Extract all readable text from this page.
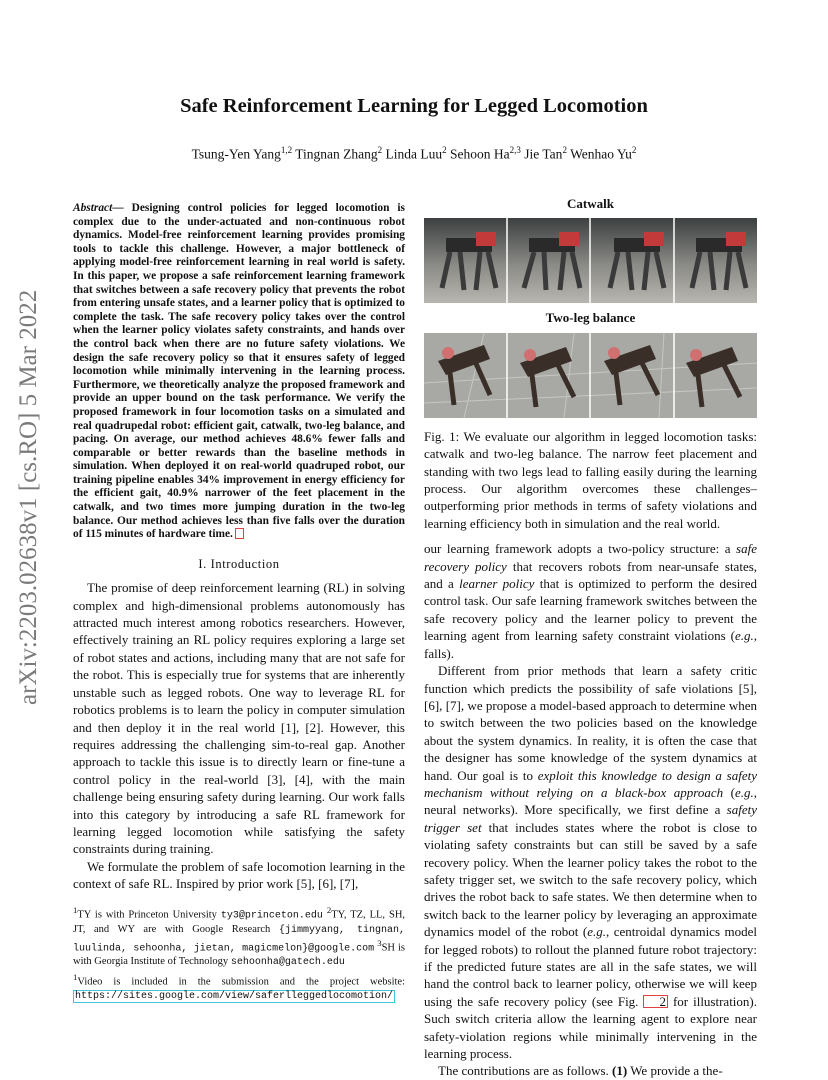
Safe Reinforcement Learning for Legged Locomotion
Tsung-Yen Yang$^{1,2}$ Tingnan Zhang$^2$ Linda Luu$^2$ Sehoon Ha$^{2,3}$ Jie Tan$^2$ Wenhao Yu$^2$
arXiv:2203.02638v1 [cs.RO] 5 Mar 2022
Abstract— Designing control policies for legged locomotion is complex due to the under-actuated and non-continuous robot dynamics. Model-free reinforcement learning provides promising tools to tackle this challenge. However, a major bottleneck of applying model-free reinforcement learning in real world is safety. In this paper, we propose a safe reinforcement learning framework that switches between a safe recovery policy that prevents the robot from entering unsafe states, and a learner policy that is optimized to complete the task. The safe recovery policy takes over the control when the learner policy violates safety constraints, and hands over the control back when there are no future safety violations. We design the safe recovery policy so that it ensures safety of legged locomotion while minimally intervening in the learning process. Furthermore, we theoretically analyze the proposed framework and provide an upper bound on the task performance. We verify the proposed framework in four locomotion tasks on a simulated and real quadrupedal robot: efficient gait, catwalk, two-leg balance, and pacing. On average, our method achieves 48.6% fewer falls and comparable or better rewards than the baseline methods in simulation. When deployed it on real-world quadruped robot, our training pipeline enables 34% improvement in energy efficiency for the efficient gait, 40.9% narrower of the feet placement in the catwalk, and two times more jumping duration in the two-leg balance. Our method achieves less than five falls over the duration of 115 minutes of hardware time.
I. Introduction

The promise of deep reinforcement learning (RL) in solving complex and high-dimensional problems autonomously has attracted much interest among robotics researchers. However, effectively training an RL policy requires exploring a large set of robot states and actions, including many that are not safe for the robot. This is especially true for systems that are inherently unstable such as legged robots. One way to leverage RL for robotics problems is to learn the policy in computer simulation and then deploy it in the real world [1], [2]. However, this requires addressing the challenging sim-to-real gap. Another approach to tackle this issue is to directly learn or fine-tune a control policy in the real-world [3], [4], with the main challenge being ensuring safety during learning. Our work falls into this category by introducing a safe RL framework for learning legged locomotion while satisfying the safety constraints during training.

We formulate the problem of safe locomotion learning in the context of safe RL. Inspired by prior work [5], [6], [7],

$^1$TY is with Princeton University ty3@princeton.edu $^2$TY, TZ, LL, SH, JT, and WY are with Google Research {jimmyyang, tingnan, luulinda, sehoonha, jietan, magicmelon}@google.com $^3$SH is with Georgia Institute of Technology sehoonha@gatech.edu
$^1$Video is included in the submission and the project website: https://sites.google.com/view/saferlleggedlocomotion/
Catwalk
Two-leg balance
Fig. 1: We evaluate our algorithm in legged locomotion tasks: catwalk and two-leg balance. The narrow feet placement and standing with two legs lead to falling easily during the learning process. Our algorithm overcomes these challenges– outperforming prior methods in terms of safety violations and learning efficiency both in simulation and the real world.

our learning framework adopts a two-policy structure: a safe recovery policy that recovers robots from near-unsafe states, and a learner policy that is optimized to perform the desired control task. Our safe learning framework switches between the safe recovery policy and the learner policy to prevent the learning agent from learning safety constraint violations (e.g., falls).

Different from prior methods that learn a safety critic function which predicts the possibility of safe violations [5], [6], [7], we propose a model-based approach to determine when to switch between the two policies based on the knowledge about the system dynamics. In reality, it is often the case that the designer has some knowledge of the system dynamics at hand. Our goal is to exploit this knowledge to design a safety mechanism without relying on a black-box approach (e.g., neural networks). More specifically, we first define a safety trigger set that includes states where the robot is close to violating safety constraints but can still be saved by a safe recovery policy. When the learner policy takes the robot to the safety trigger set, we switch to the safe recovery policy, which drives the robot back to safe states. We then determine when to switch back to the learner policy by leveraging an approximate dynamics model of the robot (e.g., centroidal dynamics model for legged robots) to rollout the planned future robot trajectory: if the predicted future states are all in the safe states, we will hand the control back to learner policy, otherwise we will keep using the safe recovery policy (see Fig. 2 for illustration). Such switch criteria allow the learning agent to explore near safety-violation regions while minimally intervening in the learning process.

The contributions are as follows. (1) We provide a the-
